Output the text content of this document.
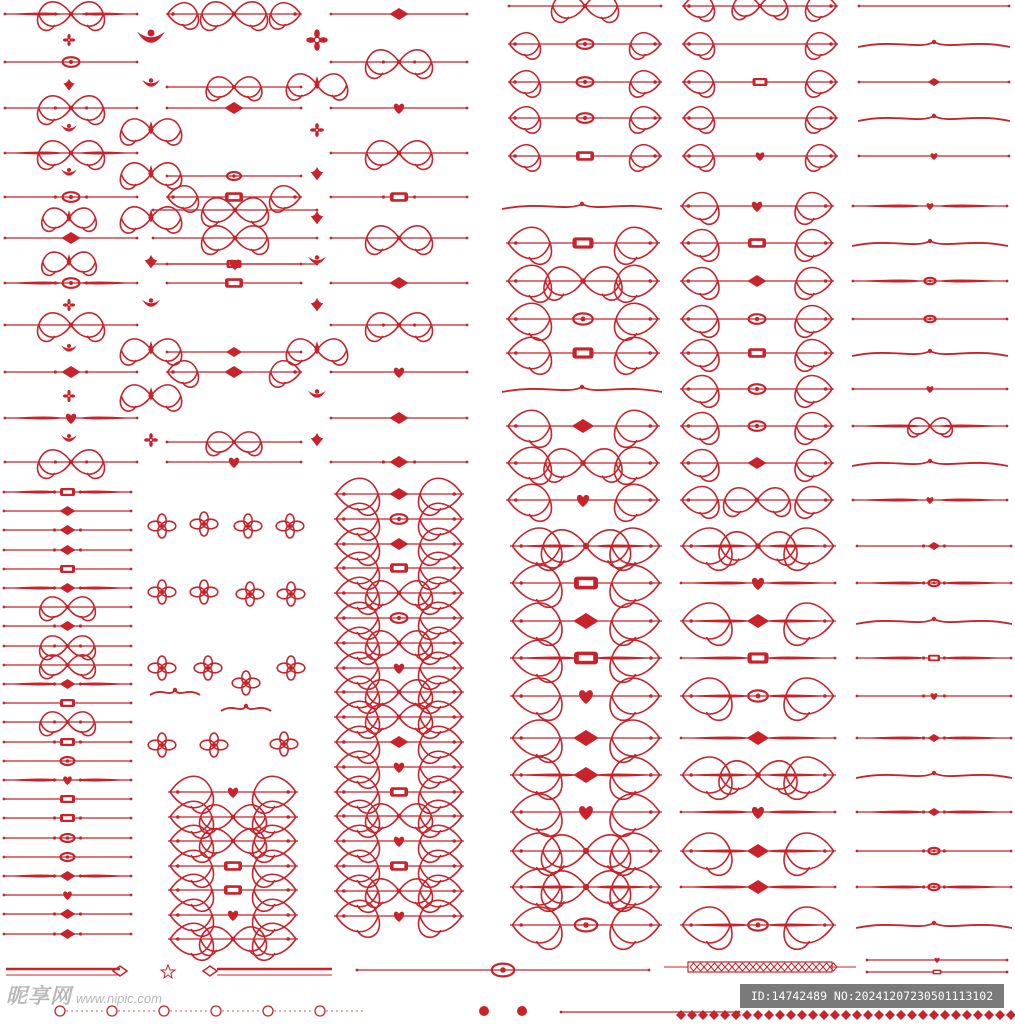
昵享网 www.nipic.com	ID:14742489 NO:20241207230501113102
